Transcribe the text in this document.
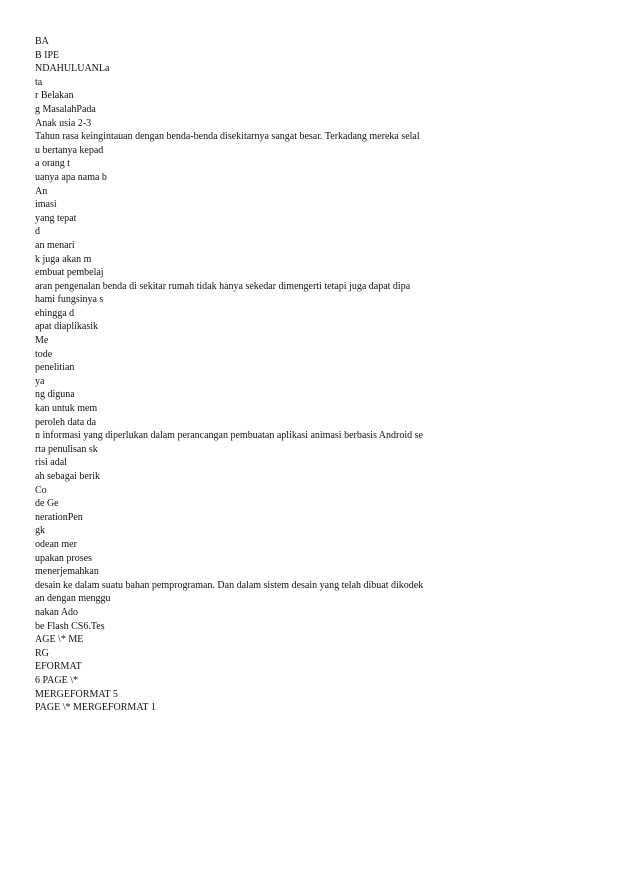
BA
B IPE
NDAHULUANLa
ta
r Belakan
g MasalahPada
Anak usia 2-3
Tahun rasa keingintauan dengan benda-benda disekitarnya sangat besar. Terkadang mereka selal
u bertanya kepad
a orang t
uanya apa nama b
An
imasi
yang tepat
d
an menari
k juga akan m
embuat pembelaj
aran pengenalan benda di sekitar rumah tidak hanya sekedar dimengerti tetapi juga dapat dipa
hami fungsinya s
ehingga d
apat diaplikasik
Me
tode
penelitian
ya
ng diguna
kan untuk mem
peroleh data da
n informasi yang diperlukan dalam perancangan pembuatan aplikasi animasi berbasis Android se
rta penulisan sk
risi adal
ah sebagai berik
Co
de Ge
nerationPen
gk
odean mer
upakan proses
menerjemahkan
desain ke dalam suatu bahan pemprograman. Dan dalam sistem desain yang telah dibuat dikodek
an dengan menggu
nakan Ado
be Flash CS6.Tes
AGE \* ME
RG
EFORMAT
6 PAGE \*
MERGEFORMAT 5
PAGE \* MERGEFORMAT 1
